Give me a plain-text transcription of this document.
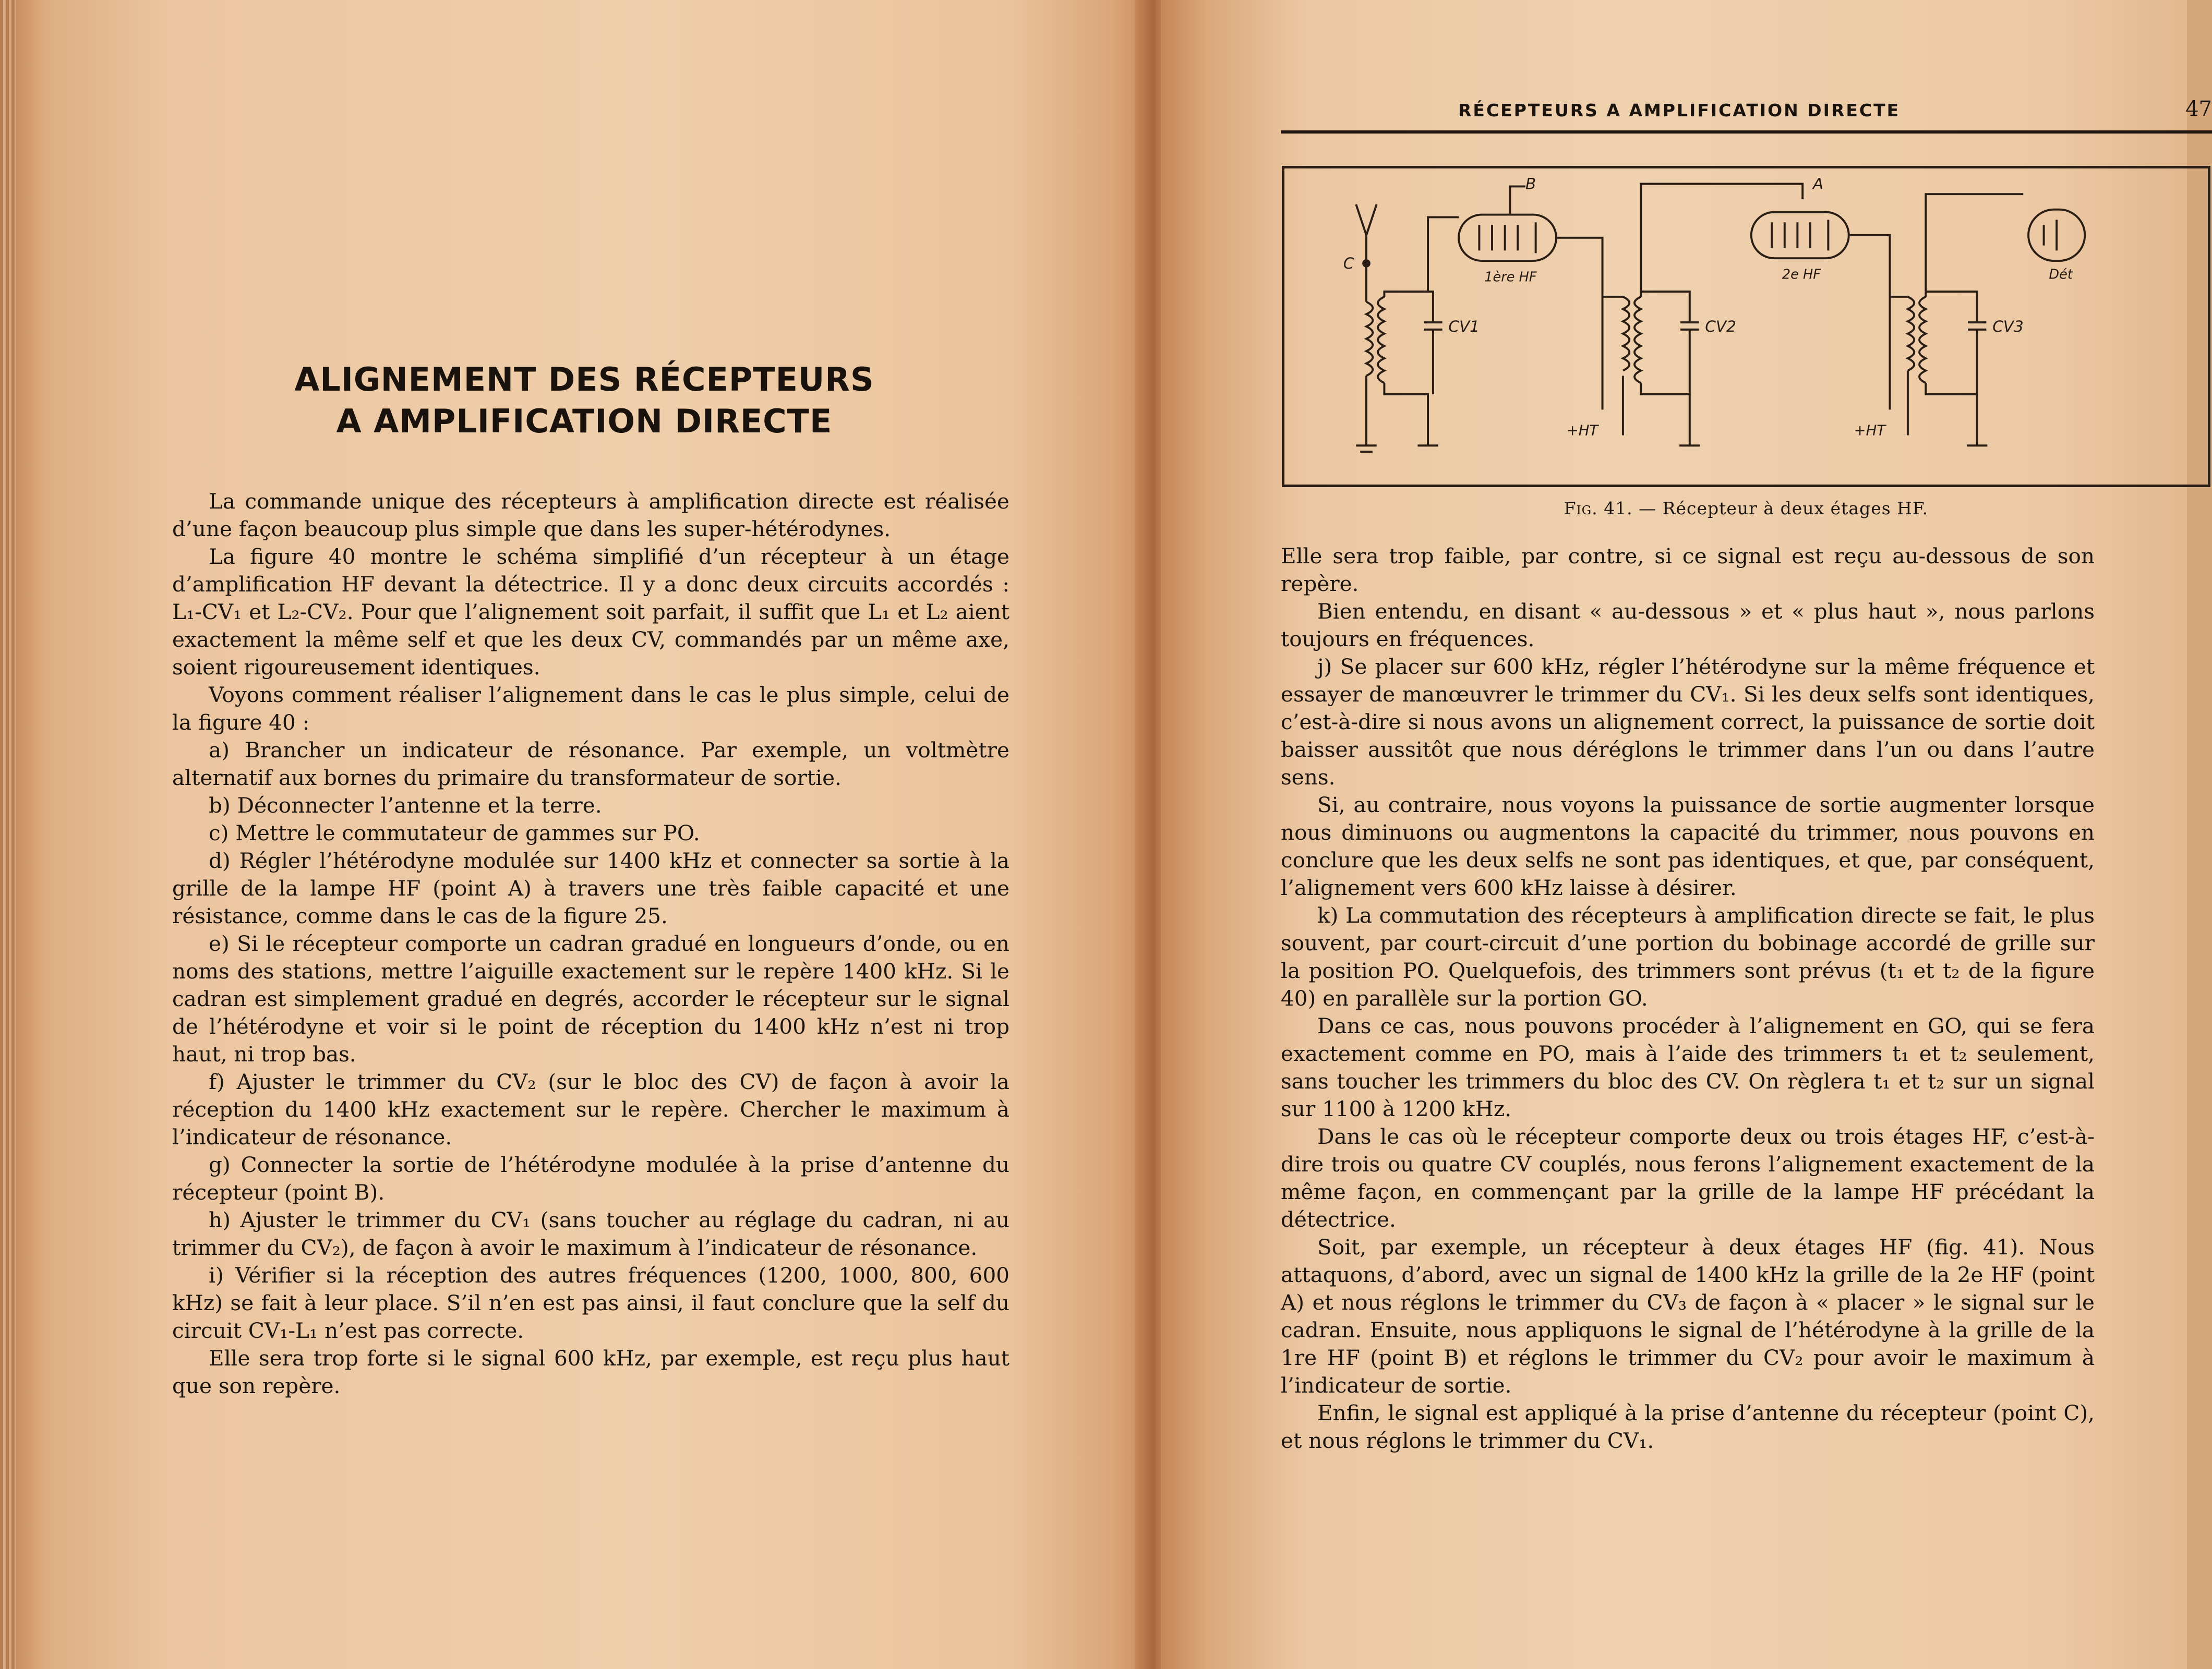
ALIGNEMENT DES RÉCEPTEURS
A AMPLIFICATION DIRECTE

La commande unique des récepteurs à amplification directe est réalisée d’une façon beaucoup plus simple que dans les super-hétérodynes.

La figure 40 montre le schéma simplifié d’un récepteur à un étage d’amplification HF devant la détectrice. Il y a donc deux circuits accordés : L₁-CV₁ et L₂-CV₂. Pour que l’alignement soit parfait, il suffit que L₁ et L₂ aient exactement la même self et que les deux CV, commandés par un même axe, soient rigoureusement identiques.

Voyons comment réaliser l’alignement dans le cas le plus simple, celui de la figure 40 :

a) Brancher un indicateur de résonance. Par exemple, un voltmètre alternatif aux bornes du primaire du transformateur de sortie.

b) Déconnecter l’antenne et la terre.

c) Mettre le commutateur de gammes sur PO.

d) Régler l’hétérodyne modulée sur 1400 kHz et connecter sa sortie à la grille de la lampe HF (point A) à travers une très faible capacité et une résistance, comme dans le cas de la figure 25.

e) Si le récepteur comporte un cadran gradué en longueurs d’onde, ou en noms des stations, mettre l’aiguille exactement sur le repère 1400 kHz. Si le cadran est simplement gradué en degrés, accorder le récepteur sur le signal de l’hétérodyne et voir si le point de réception du 1400 kHz n’est ni trop haut, ni trop bas.

f) Ajuster le trimmer du CV₂ (sur le bloc des CV) de façon à avoir la réception du 1400 kHz exactement sur le repère. Chercher le maximum à l’indicateur de résonance.

g) Connecter la sortie de l’hétérodyne modulée à la prise d’antenne du récepteur (point B).

h) Ajuster le trimmer du CV₁ (sans toucher au réglage du cadran, ni au trimmer du CV₂), de façon à avoir le maximum à l’indicateur de résonance.

i) Vérifier si la réception des autres fréquences (1200, 1000, 800, 600 kHz) se fait à leur place. S’il n’en est pas ainsi, il faut conclure que la self du circuit CV₁-L₁ n’est pas correcte.

Elle sera trop forte si le signal 600 kHz, par exemple, est reçu plus haut que son repère.

RÉCEPTEURS A AMPLIFICATION DIRECTE	47
B	A
C
1ère HF	2e HF	Dét
CV1	CV2	CV3
+HT	+HT
Fig. 41. — Récepteur à deux étages HF.

Elle sera trop faible, par contre, si ce signal est reçu au-dessous de son repère.

Bien entendu, en disant « au-dessous » et « plus haut », nous parlons toujours en fréquences.

j) Se placer sur 600 kHz, régler l’hétérodyne sur la même fréquence et essayer de manœuvrer le trimmer du CV₁. Si les deux selfs sont identiques, c’est-à-dire si nous avons un alignement correct, la puissance de sortie doit baisser aussitôt que nous déréglons le trimmer dans l’un ou dans l’autre sens.

Si, au contraire, nous voyons la puissance de sortie augmenter lorsque nous diminuons ou augmentons la capacité du trimmer, nous pouvons en conclure que les deux selfs ne sont pas identiques, et que, par conséquent, l’alignement vers 600 kHz laisse à désirer.

k) La commutation des récepteurs à amplification directe se fait, le plus souvent, par court-circuit d’une portion du bobinage accordé de grille sur la position PO. Quelquefois, des trimmers sont prévus (t₁ et t₂ de la figure 40) en parallèle sur la portion GO.

Dans ce cas, nous pouvons procéder à l’alignement en GO, qui se fera exactement comme en PO, mais à l’aide des trimmers t₁ et t₂ seulement, sans toucher les trimmers du bloc des CV. On règlera t₁ et t₂ sur un signal sur 1100 à 1200 kHz.

Dans le cas où le récepteur comporte deux ou trois étages HF, c’est-à-dire trois ou quatre CV couplés, nous ferons l’alignement exactement de la même façon, en commençant par la grille de la lampe HF précédant la détectrice.

Soit, par exemple, un récepteur à deux étages HF (fig. 41). Nous attaquons, d’abord, avec un signal de 1400 kHz la grille de la 2e HF (point A) et nous réglons le trimmer du CV₃ de façon à « placer » le signal sur le cadran. Ensuite, nous appliquons le signal de l’hétérodyne à la grille de la 1re HF (point B) et réglons le trimmer du CV₂ pour avoir le maximum à l’indicateur de sortie.

Enfin, le signal est appliqué à la prise d’antenne du récepteur (point C), et nous réglons le trimmer du CV₁.
